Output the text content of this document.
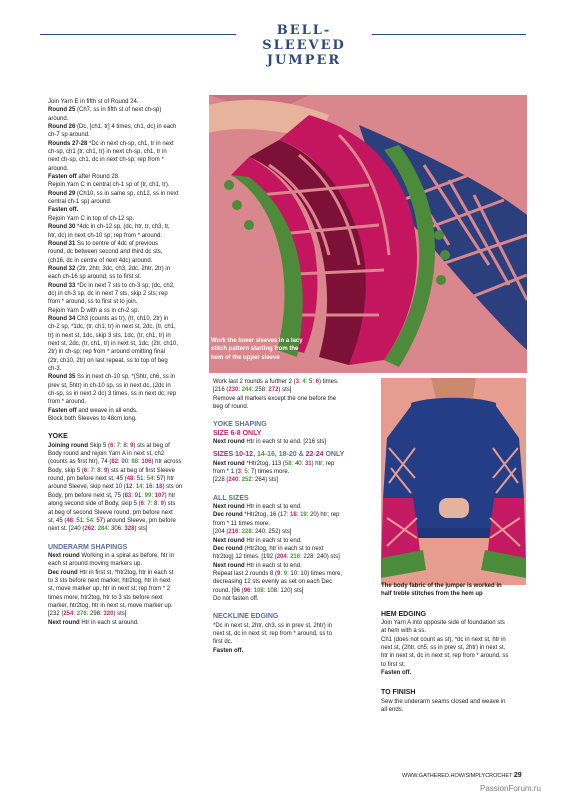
BELL-SLEEVED JUMPER

Join Yarn E in fifth st of Round 24.

Round 25 (Ch7, ss in fifth st of next ch-sp)

around.

Round 26 (Dc, [ch1, tr] 4 times, ch1, dc) in each

ch-7 sp around.

Rounds 27-28 *Dc in next ch-sp, ch1, tr in next

ch-sp, ch1 (tr, ch1, tr) in next ch-sp, ch1, tr in

next ch-sp, ch1, dc in next ch-sp; rep from *

around.

Fasten off after Round 28.

Rejoin Yarn C in central ch-1 sp of (tr, ch1, tr).

Round 29 (Ch10, ss in same sp, ch12, ss in next

central ch-1 sp) around.

Fasten off.

Rejoin Yarn C in top of ch-12 sp.

Round 30 *4dc in ch-12 sp, (dc, htr, tr, ch3, tr,

htr, dc) in next ch-10 sp; rep from * around.

Round 31 Ss to centre of 4dc of previous

round, dc between second and third dc sts,

(ch16, dc in centre of next 4dc) around.

Round 32 (2tr, 2htr, 3dc, ch3, 2dc, 2htr, 2tr) in

each ch-16 sp around, ss to first st.

Round 33 *Dc in next 7 sts to ch-3 sp, (dc, ch2,

dc) in ch-3 sp, dc in next 7 sts, skip 2 sts; rep

from * around, ss to first st to join.

Rejoin Yarn D with a ss in ch-2 sp.

Round 34 Ch3 (counts as tr), (tr, ch10, 2tr) in

ch-2 sp, *1dc, (tr, ch1, tr) in next st, 2dc, (tr, ch1,

tr) in next st, 1dc, skip 3 sts, 1dc, (tr, ch1, tr) in

next st, 2dc, (tr, ch1, tr) in next st, 1dc, (2tr, ch10,

2tr) in ch-sp; rep from * around omitting final

(2tr, ch10, 2tr) on last repeat, ss to top of beg

ch-3.

Round 35 Ss in next ch-10 sp, *(Shtr, ch6, ss in

prev st, 5htr) in ch-10 sp, ss in next dc, (2dc in

ch-sp, ss in next 2 dc) 3 times, ss in next dc; rep

from * around.

Fasten off and weave in all ends.

Block both Sleeves to 48cm long.

YOKE

Joining round Skip 5 (6: 7: 8: 9) sts at beg of

Body round and rejoin Yarn A in next st, ch2

(counts as first htr), 74 (82: 90: 98: 106) htr across

Body, skip 5 (6: 7: 8: 9) sts at beg of first Sleeve

round, pm before next st, 45 (48: 51: 54: 57) htr

around Sleeve, skip next 10 (12: 14: 16: 18) sts on

Body, pm before next st, 75 (83: 91: 99: 107) htr

along second side of Body, skip 5 (6: 7: 8: 9) sts

at beg of second Sleeve round, pm before next

st, 45 (48: 51: 54: 57) around Sleeve, pm before

next st. [240 (262: 284: 306: 328) sts]

UNDERARM SHAPINGS

Next round Working in a spiral as before, htr in

each st around moving markers up.

Dec round Htr in first st, *htr2tog, htr in each st

to 3 sts before next marker, htr2tog, htr in next

st, move marker up, htr in next st; rep from * 2

times more, htr2tog, htr to 3 sts before next

marker, htr2tog, htr in next st, move marker up.

[232 (254: 276: 298: 320) sts]

Next round Htr in each st around.

Work the lower sleeves in a lacy
stitch pattern starting from the
hem of the upper sleeve

Work last 2 rounds a further 2 (3: 4: 5: 6) times.

[216 (230: 244: 258: 272) sts]

Remove all markers except the one before the

beg of round.

YOKE SHAPING

SIZE 6-8 ONLY

Next round Htr in each st to end. [216 sts]

SIZES 10-12, 14-16, 18-20 & 22-24 ONLY

Next round *Htr2tog, 113 (58: 40: 31) htr; rep

from * 1 (3: 5: 7) times more.

[228 (240: 252: 264) sts]

ALL SIZES

Next round Htr in each st to end.

Dec round *Htr2tog, 16 (17: 18: 19: 20) htr; rep

from * 11 times more.

[204 (216: 228: 240: 252) sts]

Next round Htr in each st to end.

Dec round (Htr2tog, htr in each st to next

htr2tog) 12 times. [192 (204: 216: 228: 240) sts]

Next round Htr in each st to end.

Repeat last 2 rounds 8 (9: 9: 10: 10) times more,

decreasing 12 sts evenly as set on each Dec

round. [96 (96: 108: 108: 120) sts]

Do not fasten off.

NECKLINE EDGING

*Dc in next st, 2htr, ch3, ss in prev st, 2htr) in

next st, dc in next st; rep from * around, ss to

first dc.

Fasten off.

The body fabric of the jumper is worked in

half treble stitches from the hem up

HEM EDGING

Join Yarn A into opposite side of foundation sts

at hem with a ss.

Ch1 (does not count as st), *dc in next st, htr in

next st, (2htr, ch5, ss in prev st, 2htr) in next st,

htr in next st, dc in next st; rep from * around, ss

to first st.

Fasten off.

TO FINISH

Sew the underarm seams closed and weave in

all ends.

WWW.GATHERED.HOW/SIMPLYCROCHET 29
PassionForum.ru
